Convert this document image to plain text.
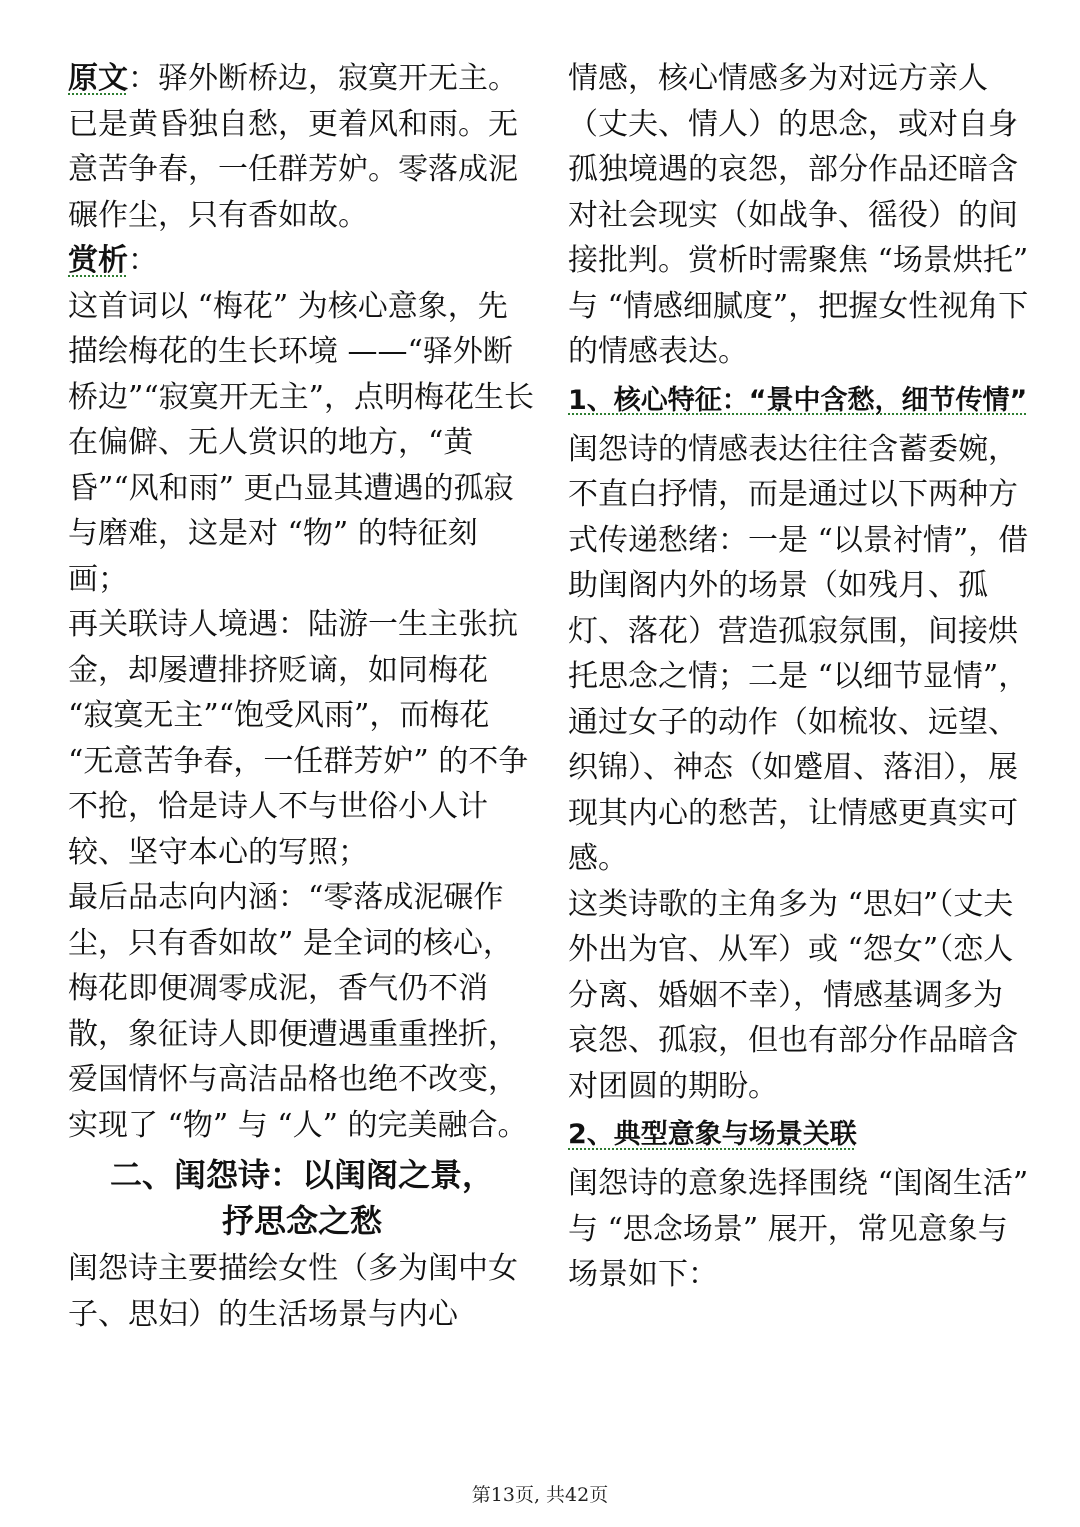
原文：驿外断桥边，寂寞开无主。已是黄昏独自愁，更着风和雨。无意苦争春，一任群芳妒。零落成泥碾作尘，只有香如故。

赏析：

这首词以 “梅花” 为核心意象，先描绘梅花的生长环境 ——“驿外断桥边”“寂寞开无主”，点明梅花生长在偏僻、无人赏识的地方，“黄昏”“风和雨” 更凸显其遭遇的孤寂与磨难，这是对 “物” 的特征刻画；

再关联诗人境遇：陆游一生主张抗金，却屡遭排挤贬谪，如同梅花 “寂寞无主”“饱受风雨”，而梅花 “无意苦争春，一任群芳妒” 的不争不抢，恰是诗人不与世俗小人计较、坚守本心的写照；

最后品志向内涵：“零落成泥碾作尘，只有香如故” 是全词的核心，梅花即便凋零成泥，香气仍不消散，象征诗人即便遭遇重重挫折，爱国情怀与高洁品格也绝不改变，实现了 “物” 与 “人” 的完美融合。

二、闺怨诗：以闺阁之景，
抒思念之愁

闺怨诗主要描绘女性（多为闺中女子、思妇）的生活场景与内心

情感，核心情感多为对远方亲人（丈夫、情人）的思念，或对自身孤独境遇的哀怨，部分作品还暗含对社会现实（如战争、徭役）的间接批判。赏析时需聚焦 “场景烘托” 与 “情感细腻度”，把握女性视角下的情感表达。

1、核心特征：“景中含愁，细节传情”

闺怨诗的情感表达往往含蓄委婉，不直白抒情，而是通过以下两种方式传递愁绪：一是 “以景衬情”，借助闺阁内外的场景（如残月、孤灯、落花）营造孤寂氛围，间接烘托思念之情；二是 “以细节显情”，通过女子的动作（如梳妆、远望、织锦）、神态（如蹙眉、落泪），展现其内心的愁苦，让情感更真实可感。

这类诗歌的主角多为 “思妇”（丈夫外出为官、从军）或 “怨女”（恋人分离、婚姻不幸），情感基调多为哀怨、孤寂，但也有部分作品暗含对团圆的期盼。

2、典型意象与场景关联

闺怨诗的意象选择围绕 “闺阁生活” 与 “思念场景” 展开，常见意象与场景如下：

第13页, 共42页
